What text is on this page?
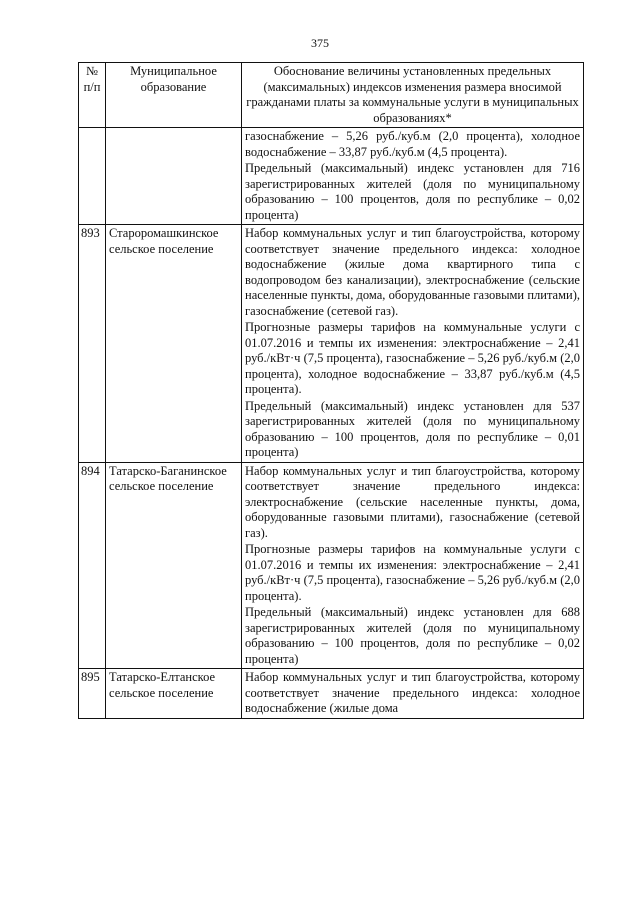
375
№ п/п	Муниципальное образование	Обоснование величины установленных предельных (максимальных) индексов изменения размера вносимой гражданами платы за коммунальные услуги в муниципальных образованиях*

		газоснабжение – 5,26 руб./куб.м (2,0 процента), холодное водоснабжение – 33,87 руб./куб.м (4,5 процента).

Предельный (максимальный) индекс установлен для 716 зарегистрированных жителей (доля по муниципальному образованию – 100 процентов, доля по республике – 0,02 процента)

893	Староромашкинское сельское поселение	Набор коммунальных услуг и тип благоустройства, которому соответствует значение предельного индекса: холодное водоснабжение (жилые дома квартирного типа с водопроводом без канализации), электроснабжение (сельские населенные пункты, дома, оборудованные газовыми плитами), газоснабжение (сетевой газ).

Прогнозные размеры тарифов на коммунальные услуги с 01.07.2016 и темпы их изменения: электроснабжение – 2,41 руб./кВт·ч (7,5 процента), газоснабжение – 5,26 руб./куб.м (2,0 процента), холодное водоснабжение – 33,87 руб./куб.м (4,5 процента).

Предельный (максимальный) индекс установлен для 537 зарегистрированных жителей (доля по муниципальному образованию – 100 процентов, доля по республике – 0,01 процента)

894	Татарско-Баганинское сельское поселение	Набор коммунальных услуг и тип благоустройства, которому соответствует значение предельного индекса: электроснабжение (сельские населенные пункты, дома, оборудованные газовыми плитами), газоснабжение (сетевой газ).

Прогнозные размеры тарифов на коммунальные услуги с 01.07.2016 и темпы их изменения: электроснабжение – 2,41 руб./кВт·ч (7,5 процента), газоснабжение – 5,26 руб./куб.м (2,0 процента).

Предельный (максимальный) индекс установлен для 688 зарегистрированных жителей (доля по муниципальному образованию – 100 процентов, доля по республике – 0,02 процента)

895	Татарско-Елтанское сельское поселение	Набор коммунальных услуг и тип благоустройства, которому соответствует значение предельного индекса: холодное водоснабжение (жилые дома
